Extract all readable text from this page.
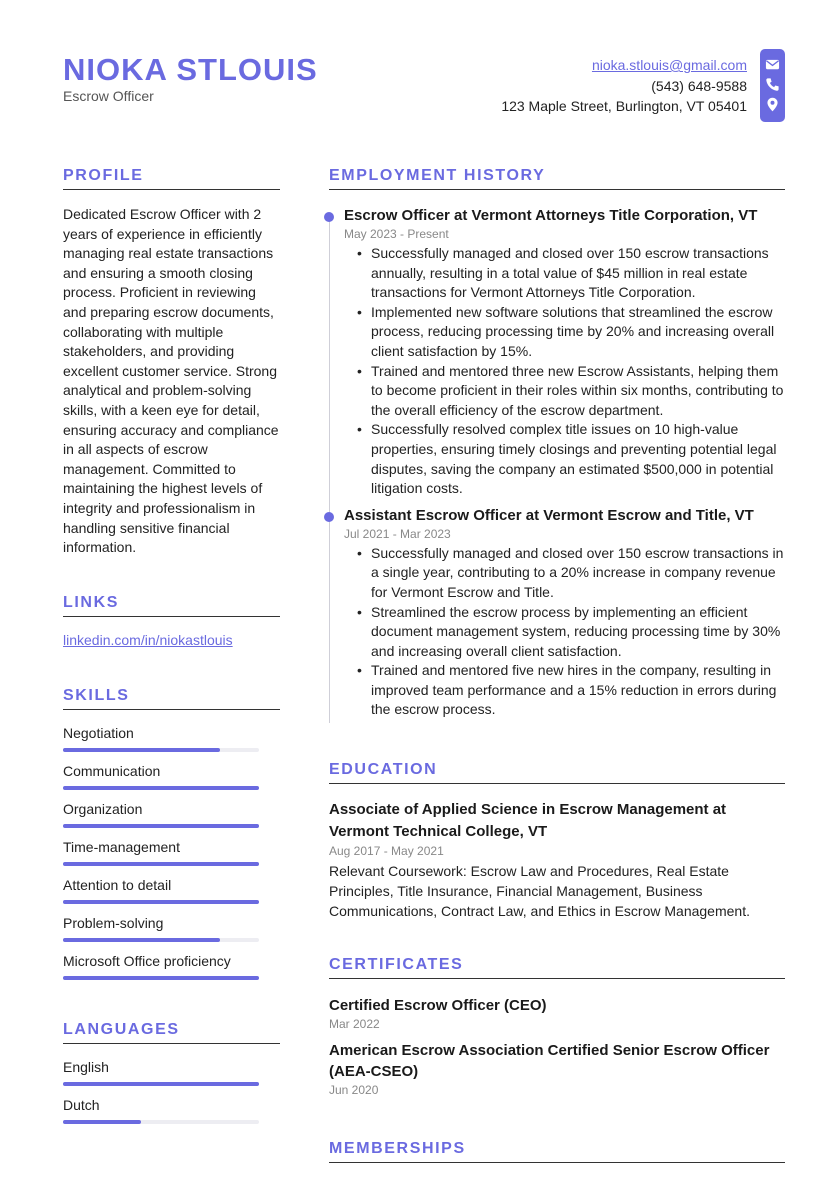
NIOKA STLOUIS
Escrow Officer
nioka.stlouis@gmail.com
(543) 648-9588
123 Maple Street, Burlington, VT 05401
PROFILE

Dedicated Escrow Officer with 2 years of experience in efficiently managing real estate transactions and ensuring a smooth closing process. Proficient in reviewing and preparing escrow documents, collaborating with multiple stakeholders, and providing excellent customer service. Strong analytical and problem-solving skills, with a keen eye for detail, ensuring accuracy and compliance in all aspects of escrow management. Committed to maintaining the highest levels of integrity and professionalism in handling sensitive financial information.

LINKS
linkedin.com/in/niokastlouis
SKILLS
Negotiation
Communication
Organization
Time-management
Attention to detail
Problem-solving
Microsoft Office proficiency
LANGUAGES
English
Dutch
EMPLOYMENT HISTORY
Escrow Officer at Vermont Attorneys Title Corporation, VT
May 2023 - Present
• Successfully managed and closed over 150 escrow transactions annually, resulting in a total value of $45 million in real estate transactions for Vermont Attorneys Title Corporation.
• Implemented new software solutions that streamlined the escrow process, reducing processing time by 20% and increasing overall client satisfaction by 15%.
• Trained and mentored three new Escrow Assistants, helping them to become proficient in their roles within six months, contributing to the overall efficiency of the escrow department.
• Successfully resolved complex title issues on 10 high-value properties, ensuring timely closings and preventing potential legal disputes, saving the company an estimated $500,000 in potential litigation costs.
Assistant Escrow Officer at Vermont Escrow and Title, VT
Jul 2021 - Mar 2023
• Successfully managed and closed over 150 escrow transactions in a single year, contributing to a 20% increase in company revenue for Vermont Escrow and Title.
• Streamlined the escrow process by implementing an efficient document management system, reducing processing time by 30% and increasing overall client satisfaction.
• Trained and mentored five new hires in the company, resulting in improved team performance and a 15% reduction in errors during the escrow process.
EDUCATION
Associate of Applied Science in Escrow Management at Vermont Technical College, VT
Aug 2017 - May 2021

Relevant Coursework: Escrow Law and Procedures, Real Estate Principles, Title Insurance, Financial Management, Business Communications, Contract Law, and Ethics in Escrow Management.

CERTIFICATES
Certified Escrow Officer (CEO)
Mar 2022
American Escrow Association Certified Senior Escrow Officer (AEA-CSEO)
Jun 2020
MEMBERSHIPS
